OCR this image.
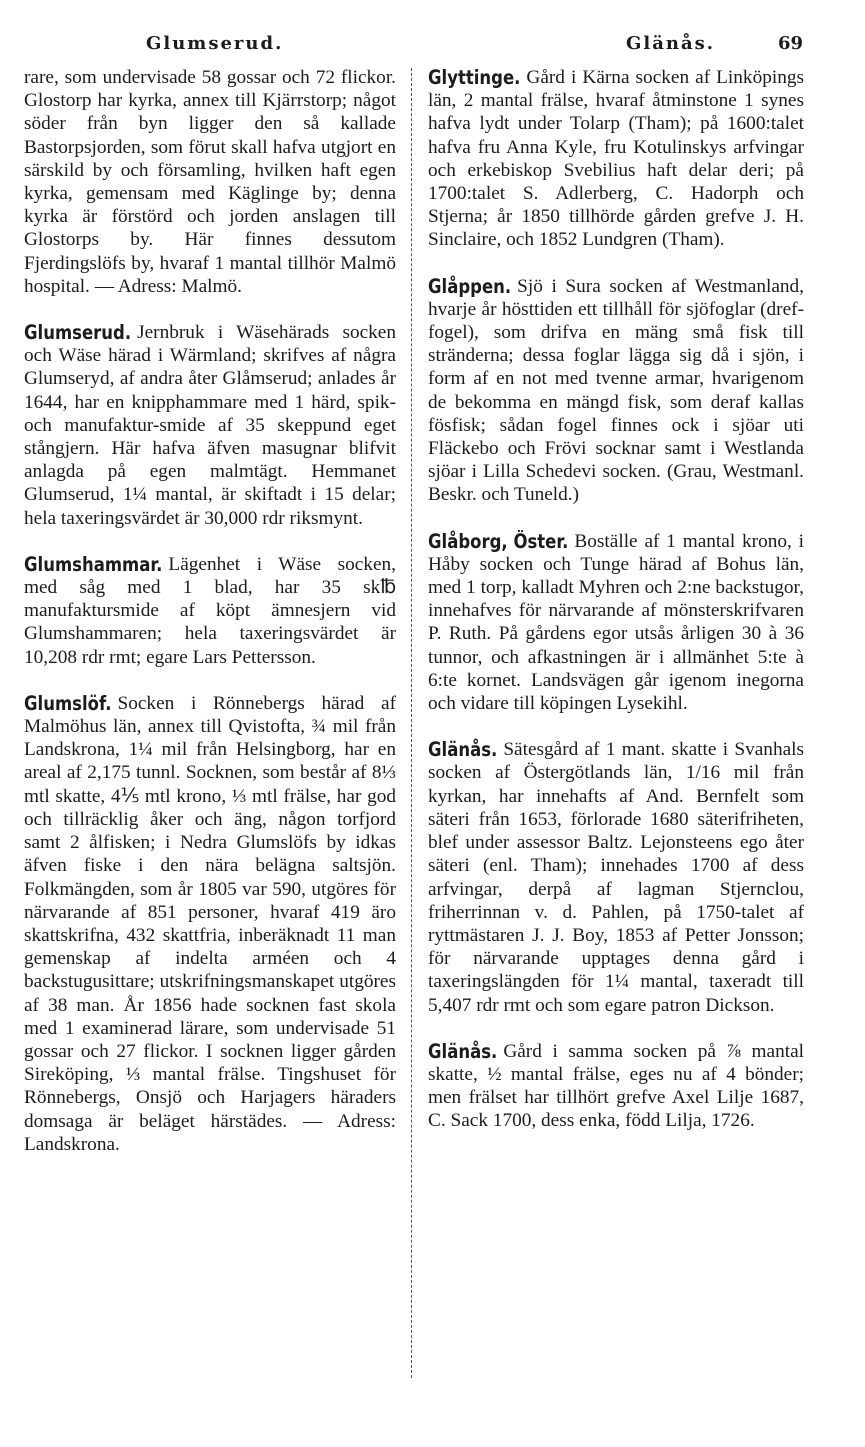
Glumserud.	Glänås.	69

rare, som undervisade 58 gossar och 72 flickor. Glostorp har kyrka, annex till Kjärrstorp; något söder från byn ligger den så kallade Bastorpsjorden, som förut skall hafva utgjort en särskild by och församling, hvilken haft egen kyrka, gemensam med Käglinge by; denna kyrka är förstörd och jorden anslagen till Glostorps by. Här finnes dessutom Fjerdingslöfs by, hvaraf 1 mantal tillhör Malmö hospital. — Adress: Malmö.

Glumserud. Jernbruk i Wäsehärads socken och Wäse härad i Wärmland; skrifves af några Glumseryd, af andra åter Glåmserud; anlades år 1644, har en knipphammare med 1 härd, spik- och manufaktur-smide af 35 skeppund eget stångjern. Här hafva äfven masugnar blifvit anlagda på egen malmtägt. Hemmanet Glumserud, 1¼ mantal, är skiftadt i 15 delar; hela taxeringsvärdet är 30,000 rdr riksmynt.

Glumshammar. Lägenhet i Wäse socken, med såg med 1 blad, har 35 sk℔ manufaktursmide af köpt ämnesjern vid Glumshammaren; hela taxeringsvärdet är 10,208 rdr rmt; egare Lars Pettersson.

Glumslöf. Socken i Rönnebergs härad af Malmöhus län, annex till Qvistofta, ¾ mil från Landskrona, 1¼ mil från Helsingborg, har en areal af 2,175 tunnl. Socknen, som består af 8⅓ mtl skatte, 4⅕ mtl krono, ⅓ mtl frälse, har god och tillräcklig åker och äng, någon torfjord samt 2 ålfisken; i Nedra Glumslöfs by idkas äfven fiske i den nära belägna saltsjön. Folkmängden, som år 1805 var 590, utgöres för närvarande af 851 personer, hvaraf 419 äro skattskrifna, 432 skattfria, inberäknadt 11 man gemenskap af indelta arméen och 4 backstugusittare; utskrifningsmanskapet utgöres af 38 man. År 1856 hade socknen fast skola med 1 examinerad lärare, som undervisade 51 gossar och 27 flickor. I socknen ligger gården Sireköping, ⅓ mantal frälse. Tingshuset för Rönnebergs, Onsjö och Harjagers häraders domsaga är beläget härstädes. — Adress: Landskrona.

Glyttinge. Gård i Kärna socken af Linköpings län, 2 mantal frälse, hvaraf åtminstone 1 synes hafva lydt under Tolarp (Tham); på 1600:talet hafva fru Anna Kyle, fru Kotulinskys arfvingar och erkebiskop Svebilius haft delar deri; på 1700:talet S. Adlerberg, C. Hadorph och Stjerna; år 1850 tillhörde gården grefve J. H. Sinclaire, och 1852 Lundgren (Tham).

Glåppen. Sjö i Sura socken af Westmanland, hvarje år hösttiden ett tillhåll för sjöfoglar (dref-fogel), som drifva en mäng små fisk till stränderna; dessa foglar lägga sig då i sjön, i form af en not med tvenne armar, hvarigenom de bekomma en mängd fisk, som deraf kallas fösfisk; sådan fogel finnes ock i sjöar uti Fläckebo och Frövi socknar samt i Westlanda sjöar i Lilla Schedevi socken. (Grau, Westmanl. Beskr. och Tuneld.)

Glåborg, Öster. Boställe af 1 mantal krono, i Håby socken och Tunge härad af Bohus län, med 1 torp, kalladt Myhren och 2:ne backstugor, innehafves för närvarande af mönsterskrifvaren P. Ruth. På gårdens egor utsås årligen 30 à 36 tunnor, och afkastningen är i allmänhet 5:te à 6:te kornet. Landsvägen går igenom inegorna och vidare till köpingen Lysekihl.

Glänås. Sätesgård af 1 mant. skatte i Svanhals socken af Östergötlands län, 1/16 mil från kyrkan, har innehafts af And. Bernfelt som säteri från 1653, förlorade 1680 säterifriheten, blef under assessor Baltz. Lejonsteens ego åter säteri (enl. Tham); innehades 1700 af dess arfvingar, derpå af lagman Stjernclou, friherrinnan v. d. Pahlen, på 1750-talet af ryttmästaren J. J. Boy, 1853 af Petter Jonsson; för närvarande upptages denna gård i taxeringslängden för 1¼ mantal, taxeradt till 5,407 rdr rmt och som egare patron Dickson.

Glänås. Gård i samma socken på ⅞ mantal skatte, ½ mantal frälse, eges nu af 4 bönder; men frälset har tillhört grefve Axel Lilje 1687, C. Sack 1700, dess enka, född Lilja, 1726.
